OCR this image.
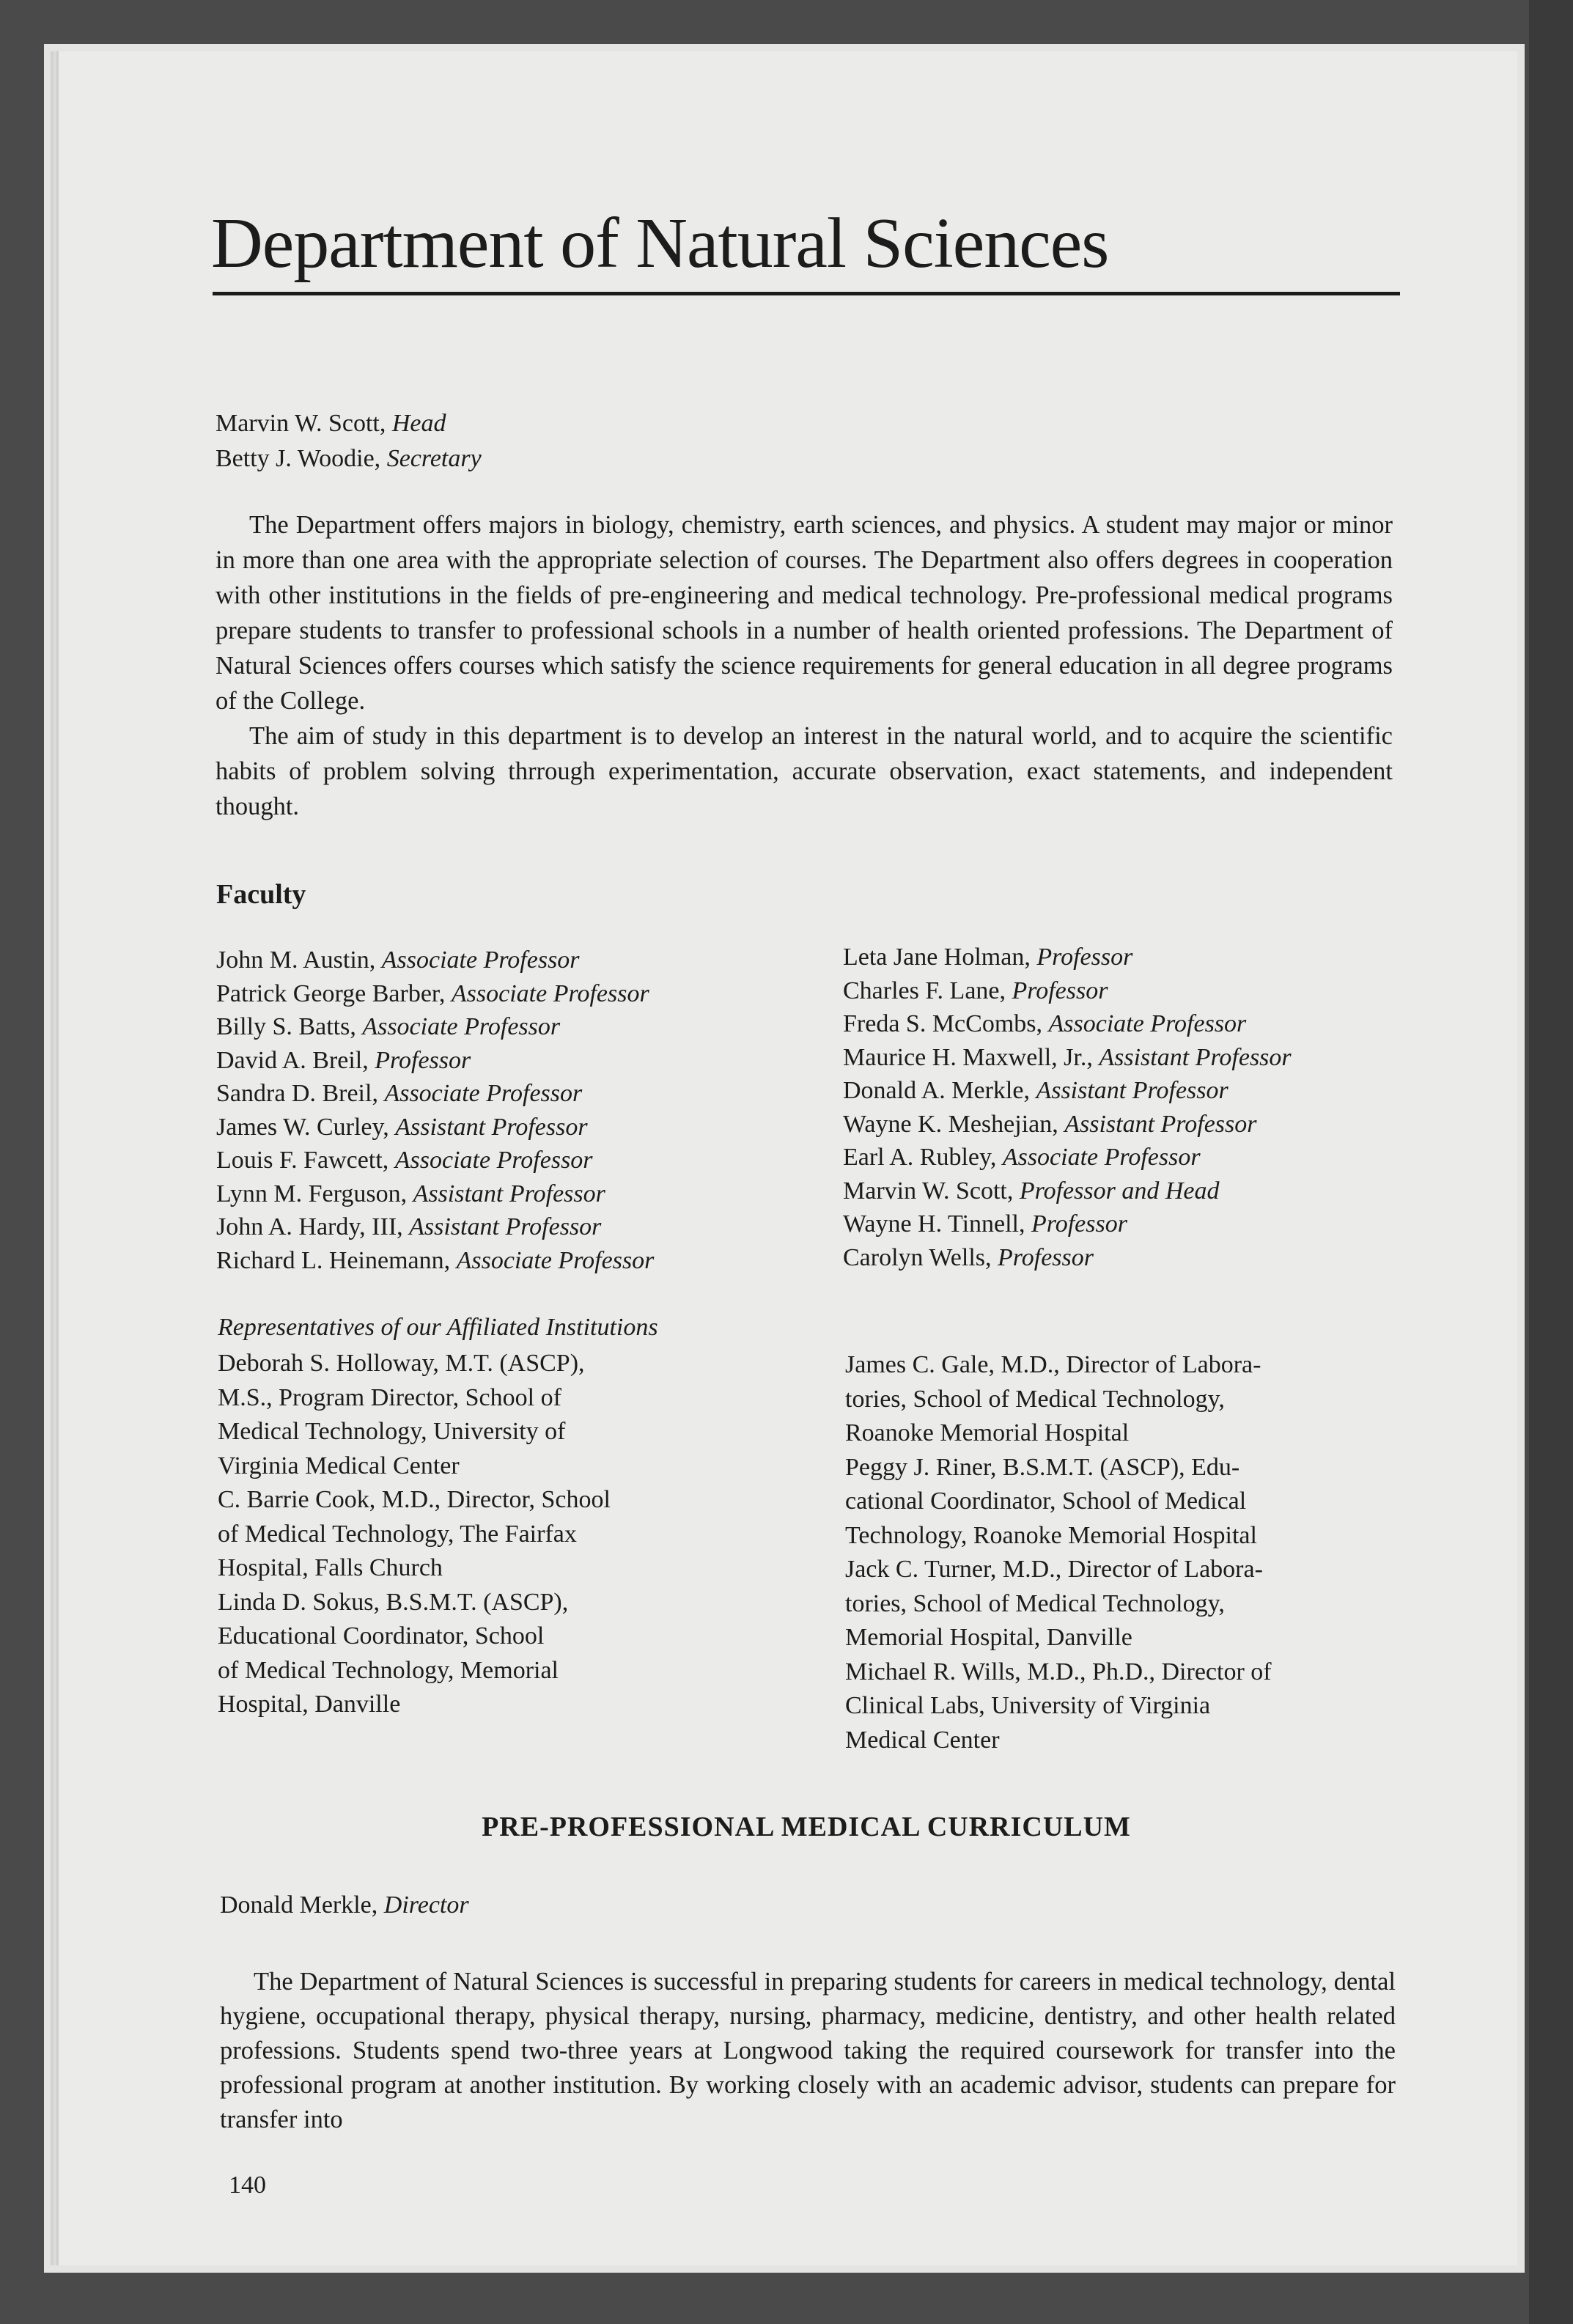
Department of Natural Sciences
Marvin W. Scott, Head
Betty J. Woodie, Secretary

The Department offers majors in biology, chemistry, earth sciences, and physics. A student may major or minor in more than one area with the appropriate selection of courses. The Department also offers degrees in cooperation with other institutions in the fields of pre-engineering and medical technology. Pre-professional medical programs prepare students to transfer to professional schools in a number of health oriented professions. The Department of Natural Sciences offers courses which satisfy the science requirements for general education in all degree programs of the College.

The aim of study in this department is to develop an interest in the natural world, and to acquire the scientific habits of problem solving thrrough experimentation, accurate observation, exact statements, and independent thought.

Faculty
John M. Austin, Associate Professor
Patrick George Barber, Associate Professor
Billy S. Batts, Associate Professor
David A. Breil, Professor
Sandra D. Breil, Associate Professor
James W. Curley, Assistant Professor
Louis F. Fawcett, Associate Professor
Lynn M. Ferguson, Assistant Professor
John A. Hardy, III, Assistant Professor
Richard L. Heinemann, Associate Professor
Leta Jane Holman, Professor
Charles F. Lane, Professor
Freda S. McCombs, Associate Professor
Maurice H. Maxwell, Jr., Assistant Professor
Donald A. Merkle, Assistant Professor
Wayne K. Meshejian, Assistant Professor
Earl A. Rubley, Associate Professor
Marvin W. Scott, Professor and Head
Wayne H. Tinnell, Professor
Carolyn Wells, Professor
Representatives of our Affiliated Institutions
Deborah S. Holloway, M.T. (ASCP),
M.S., Program Director, School of
Medical Technology, University of
Virginia Medical Center
C. Barrie Cook, M.D., Director, School
of Medical Technology, The Fairfax
Hospital, Falls Church
Linda D. Sokus, B.S.M.T. (ASCP),
Educational Coordinator, School
of Medical Technology, Memorial
Hospital, Danville
James C. Gale, M.D., Director of Labora-
tories, School of Medical Technology,
Roanoke Memorial Hospital
Peggy J. Riner, B.S.M.T. (ASCP), Edu-
cational Coordinator, School of Medical
Technology, Roanoke Memorial Hospital
Jack C. Turner, M.D., Director of Labora-
tories, School of Medical Technology,
Memorial Hospital, Danville
Michael R. Wills, M.D., Ph.D., Director of
Clinical Labs, University of Virginia
Medical Center
PRE-PROFESSIONAL MEDICAL CURRICULUM
Donald Merkle, Director

The Department of Natural Sciences is successful in preparing students for careers in medical technology, dental hygiene, occupational therapy, physical therapy, nursing, pharmacy, medicine, dentistry, and other health related professions. Students spend two-three years at Longwood taking the required coursework for transfer into the professional program at another institution. By working closely with an academic advisor, students can prepare for transfer into

140
